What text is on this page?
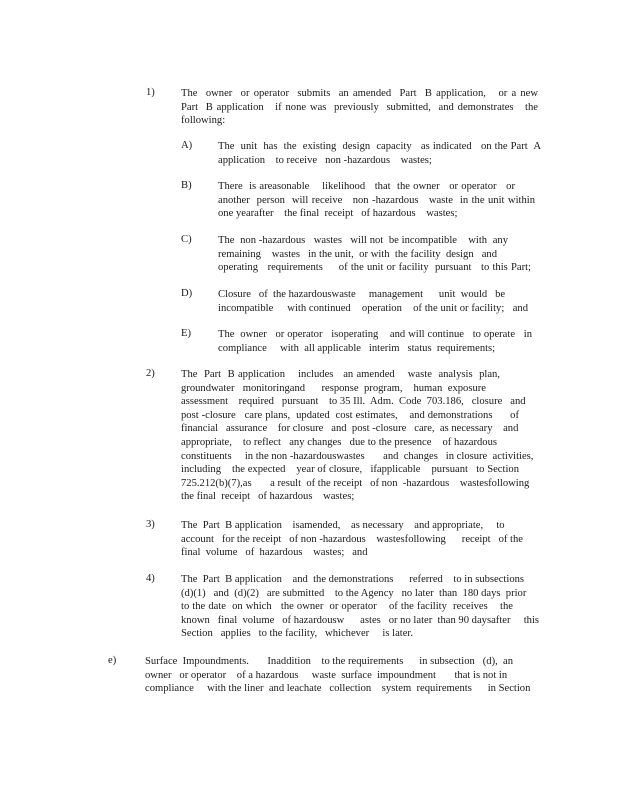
1) The  owner  or operator  submits  an amended  Part  B application,   or a new
Part  B application   if none was  previously  submitted,  and demonstrates   the
following:
A) The  unit  has  the  existing  design  capacity   as indicated   on the Part  A
application    to receive   non -hazardous    wastes;
B) There  is areasonable    likelihood   that  the owner   or operator   or
another  person  will receive   non -hazardous   waste  in the unit within
one yearafter    the final  receipt   of hazardous    wastes;
C) The  non -hazardous   wastes   will not  be incompatible    with  any
remaining    wastes   in the unit,  or with  the facility  design   and
operating   requirements     of the unit or facility  pursuant   to this Part;
D) Closure   of  the hazardouswaste     management      unit  would   be
incompatible     with continued    operation    of the unit or facility;   and
E)	The  owner   or operator   isoperating    and will continue   to operate   in
compliance     with  all applicable   interim   status  requirements;
2) The  Part  B application    includes   an amended    waste  analysis  plan,
groundwater   monitoringand      response  program,    human  exposure
assessment    required   pursuant    to 35 Ill.  Adm.  Code  703.186,   closure   and
post -closure   care plans,  updated  cost estimates,    and demonstrations      of
financial   assurance    for closure   and  post -closure   care,  as necessary    and
appropriate,    to reflect   any changes   due to the presence    of hazardous
constituents     in the non -hazardouswastes       and  changes   in closure  activities,
including    the expected    year of closure,   ifapplicable    pursuant   to Section
725.212(b)(7),as       a result  of the receipt   of non  -hazardous    wastesfollowing
the final  receipt   of hazardous    wastes;
3) The  Part  B application    isamended,    as necessary    and appropriate,     to
account   for the receipt   of non -hazardous    wastesfollowing      receipt   of the
final  volume   of  hazardous    wastes;   and
4) The  Part  B application    and  the demonstrations      referred    to in subsections
(d)(1)   and  (d)(2)   are submitted    to the Agency   no later  than  180 days  prior
to the date  on which   the owner  or operator    of the facility  receives    the
known   final  volume   of hazardousw      astes   or no later  than 90 daysafter     this
Section   applies   to the facility,   whichever     is later.
e)	Surface  Impoundments.       Inaddition    to the requirements      in subsection   (d),  an
owner   or operator    of a hazardous     waste  surface  impoundment       that is not in
compliance     with the liner  and leachate   collection    system  requirements      in Section
